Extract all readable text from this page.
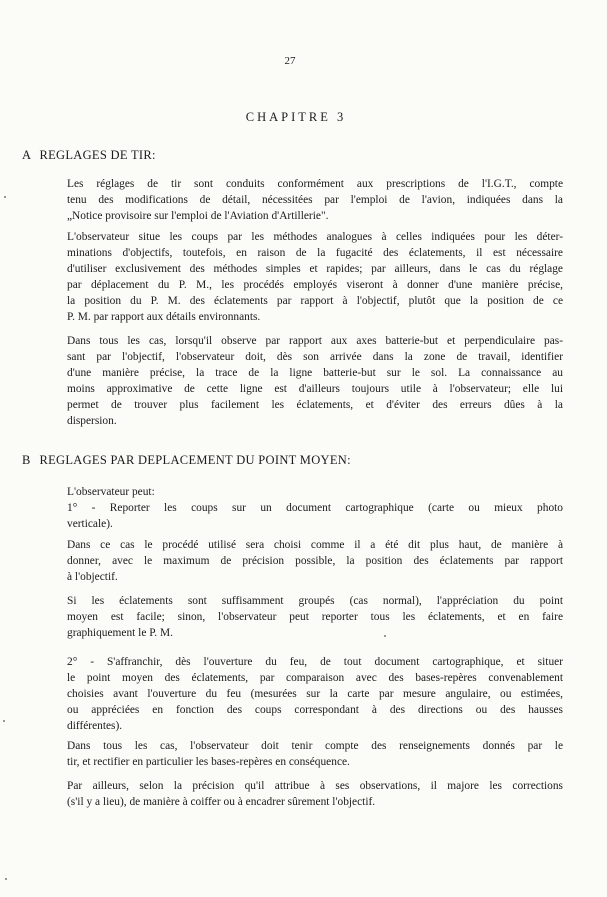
27
CHAPITRE 3
A REGLAGES DE TIR:
Les réglages de tir sont conduits conformément aux prescriptions de l'I.G.T., compte
tenu des modifications de détail, nécessitées par l'emploi de l'avion, indiquées dans la
„Notice provisoire sur l'emploi de l'Aviation d'Artillerie".
L'observateur situe les coups par les méthodes analogues à celles indiquées pour les déter-
minations d'objectifs, toutefois, en raison de la fugacité des éclatements, il est nécessaire
d'utiliser exclusivement des méthodes simples et rapides; par ailleurs, dans le cas du réglage
par déplacement du P. M., les procédés employés viseront à donner d'une manière précise,
la position du P. M. des éclatements par rapport à l'objectif, plutôt que la position de ce
P. M. par rapport aux détails environnants.
Dans tous les cas, lorsqu'il observe par rapport aux axes batterie-but et perpendiculaire pas-
sant par l'objectif, l'observateur doit, dès son arrivée dans la zone de travail, identifier
d'une manière précise, la trace de la ligne batterie-but sur le sol. La connaissance au
moins approximative de cette ligne est d'ailleurs toujours utile à l'observateur; elle lui
permet de trouver plus facilement les éclatements, et d'éviter des erreurs dûes à la
dispersion.
B REGLAGES PAR DEPLACEMENT DU POINT MOYEN:
L'observateur peut:
1° - Reporter les coups sur un document cartographique (carte ou mieux photo
verticale).
Dans ce cas le procédé utilisé sera choisi comme il a été dit plus haut, de manière à
donner, avec le maximum de précision possible, la position des éclatements par rapport
à l'objectif.
Si les éclatements sont suffisamment groupés (cas normal), l'appréciation du point
moyen est facile; sinon, l'observateur peut reporter tous les éclatements, et en faire
graphiquement le P. M.
2° - S'affranchir, dès l'ouverture du feu, de tout document cartographique, et situer
le point moyen des éclatements, par comparaison avec des bases-repères convenablement
choisies avant l'ouverture du feu (mesurées sur la carte par mesure angulaire, ou estimées,
ou appréciées en fonction des coups correspondant à des directions ou des hausses
différentes).
Dans tous les cas, l'observateur doit tenir compte des renseignements donnés par le
tir, et rectifier en particulier les bases-repères en conséquence.
Par ailleurs, selon la précision qu'il attribue à ses observations, il majore les corrections
(s'il y a lieu), de manière à coiffer ou à encadrer sûrement l'objectif.
